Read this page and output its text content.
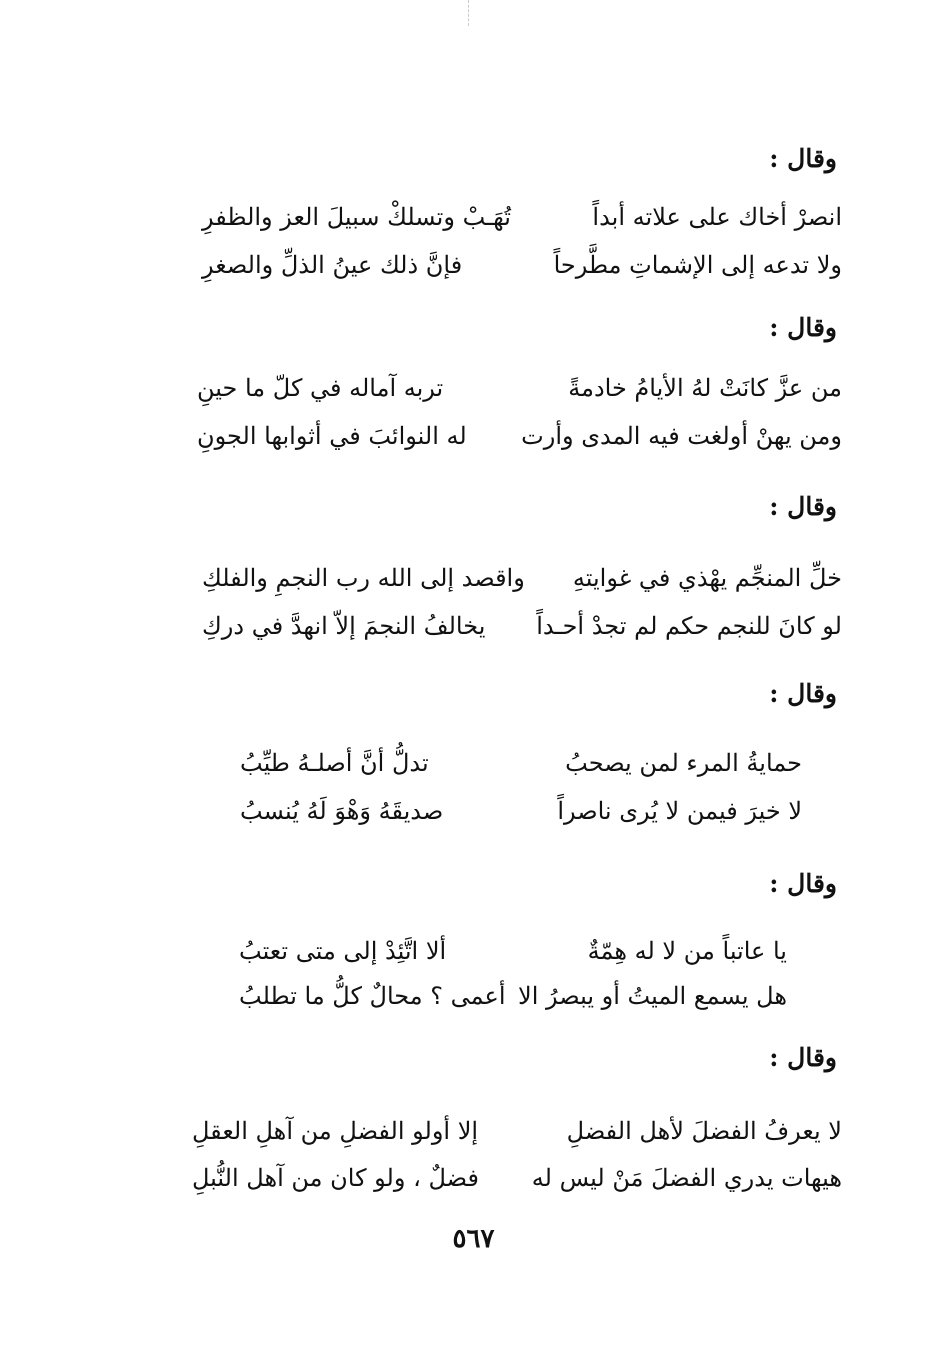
وقال :
انصرْ أخاك على علاته أبداً
تُهَـبْ وتسلكْ سبيلَ العز والظفرِ
ولا تدعه إلى الإشماتِ مطَّرحاً
فإنَّ ذلك عينُ الذلِّ والصغرِ
وقال :
من عزَّ كانَتْ لهُ الأيامُ خادمةً
تربه آماله في كلّ ما حينِ
ومن يهنْ أولغت فيه المدى وأرت
له النوائبَ في أثوابها الجونِ
وقال :
خلِّ المنجِّم يهْذي في غوايتهِ
واقصد إلى الله رب النجمِ والفلكِ
لو كانَ للنجم حكم لم تجدْ أحـداً
يخالفُ النجمَ إلاّ انهدَّ في دركِ
وقال :
حمايةُ المرء لمن يصحبُ
تدلُّ أنَّ أصلـهُ طيِّبُ
لا خيرَ فيمن لا يُرى ناصراً
صديقَهُ وَهْوَ لَهُ يُنسبُ
وقال :
يا عاتباً من لا له هِمّةٌ
ألا اتَّئِدْ إلى متى تعتبُ
هل يسمع الميتُ أو يبصرُ الا
أعمى ؟ محالٌ كلُّ ما تطلبُ
وقال :
لا يعرفُ الفضلَ لأهل الفضلِ
إلا أولو الفضلِ من آهلِ العقلِ
هيهات يدري الفضلَ مَنْ ليس له
فضلٌ ، ولو كان من آهل النُّبلِ
٥٦٧
